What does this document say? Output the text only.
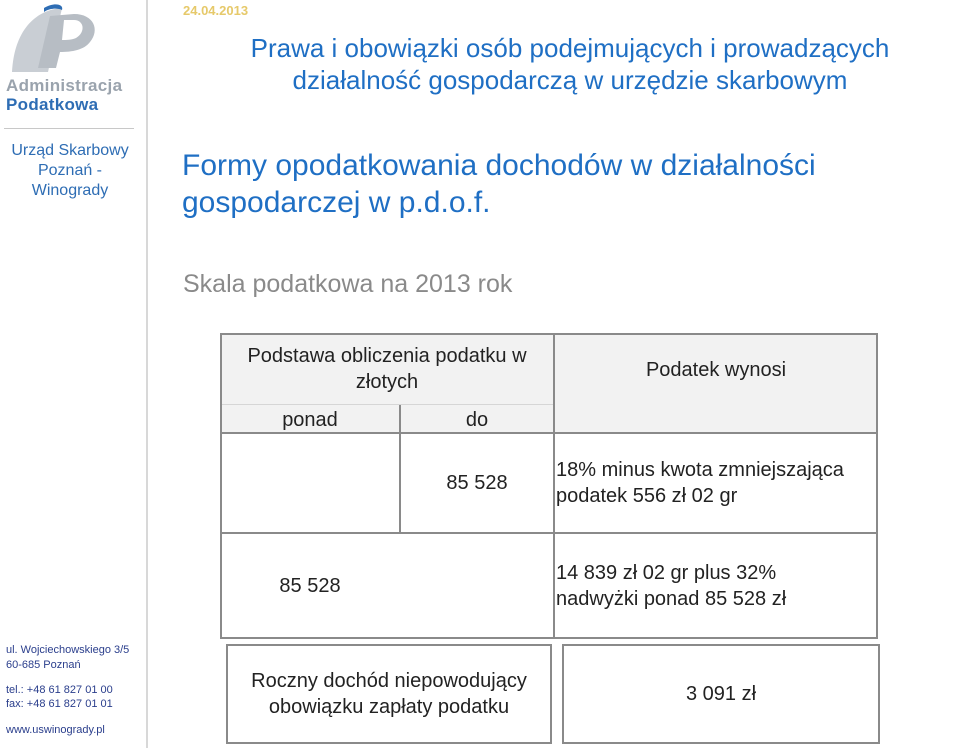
Administracja
Podatkowa
Urząd Skarbowy
Poznań -
Winogrady
ul. Wojciechowskiego 3/5
60-685 Poznań
tel.: +48 61 827 01 00
fax: +48 61 827 01 01
www.uswinogrady.pl
24.04.2013
Prawa i obowiązki osób podejmujących i prowadzących
działalność gospodarczą w urzędzie skarbowym
Formy opodatkowania dochodów w działalności
gospodarczej w p.d.o.f.
Skala podatkowa na 2013 rok
Podstawa obliczenia podatku w
złotych
ponad	do
Podatek wynosi
85 528
18% minus kwota zmniejszająca
podatek 556 zł 02 gr
85 528
14 839 zł 02 gr plus 32%
nadwyżki ponad 85 528 zł
Roczny dochód niepowodujący
obowiązku zapłaty podatku
3 091 zł
